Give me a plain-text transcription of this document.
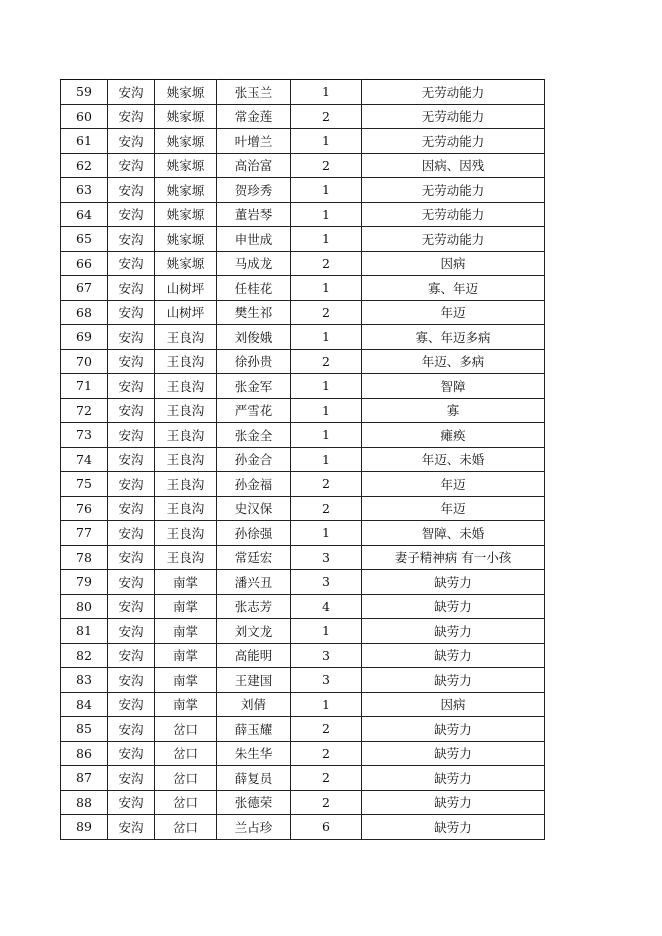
59	安沟	姚家塬	张玉兰	1	无劳动能力
60	安沟	姚家塬	常金莲	2	无劳动能力
61	安沟	姚家塬	叶增兰	1	无劳动能力
62	安沟	姚家塬	高治富	2	因病、因残
63	安沟	姚家塬	贺珍秀	1	无劳动能力
64	安沟	姚家塬	董岩琴	1	无劳动能力
65	安沟	姚家塬	申世成	1	无劳动能力
66	安沟	姚家塬	马成龙	2	因病
67	安沟	山树坪	任桂花	1	寡、年迈
68	安沟	山树坪	樊生祁	2	年迈
69	安沟	王良沟	刘俊娥	1	寡、年迈多病
70	安沟	王良沟	徐孙贵	2	年迈、多病
71	安沟	王良沟	张金军	1	智障
72	安沟	王良沟	严雪花	1	寡
73	安沟	王良沟	张金全	1	瘫痪
74	安沟	王良沟	孙金合	1	年迈、未婚
75	安沟	王良沟	孙金福	2	年迈
76	安沟	王良沟	史汉保	2	年迈
77	安沟	王良沟	孙徐强	1	智障、未婚
78	安沟	王良沟	常廷宏	3	妻子精神病 有一小孩
79	安沟	南掌	潘兴丑	3	缺劳力
80	安沟	南掌	张志芳	4	缺劳力
81	安沟	南掌	刘文龙	1	缺劳力
82	安沟	南掌	高能明	3	缺劳力
83	安沟	南掌	王建国	3	缺劳力
84	安沟	南掌	刘倩	1	因病
85	安沟	岔口	薛玉耀	2	缺劳力
86	安沟	岔口	朱生华	2	缺劳力
87	安沟	岔口	薛复员	2	缺劳力
88	安沟	岔口	张德荣	2	缺劳力
89	安沟	岔口	兰占珍	6	缺劳力
